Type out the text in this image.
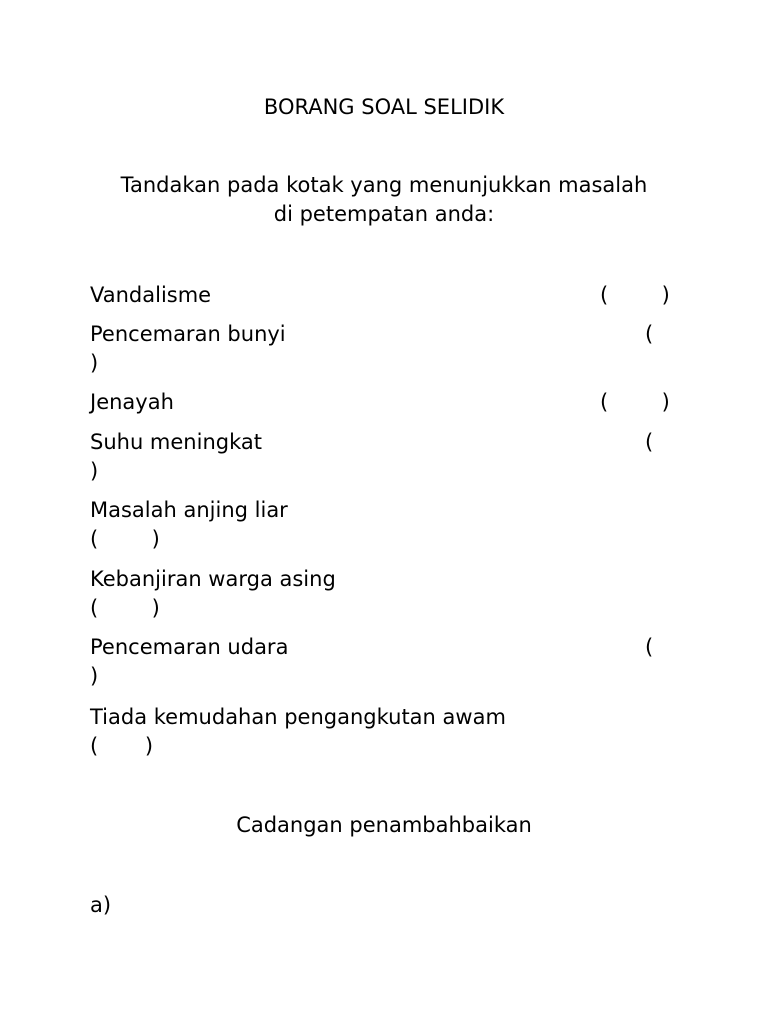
BORANG SOAL SELIDIK
Tandakan pada kotak yang menunjukkan masalah
di petempatan anda:
Vandalisme	(        )
Pencemaran bunyi	(
)
Jenayah	(        )
Suhu meningkat	(
)
Masalah anjing liar
(        )
Kebanjiran warga asing
(        )
Pencemaran udara	(
)
Tiada kemudahan pengangkutan awam
(       )
Cadangan penambahbaikan
a)
